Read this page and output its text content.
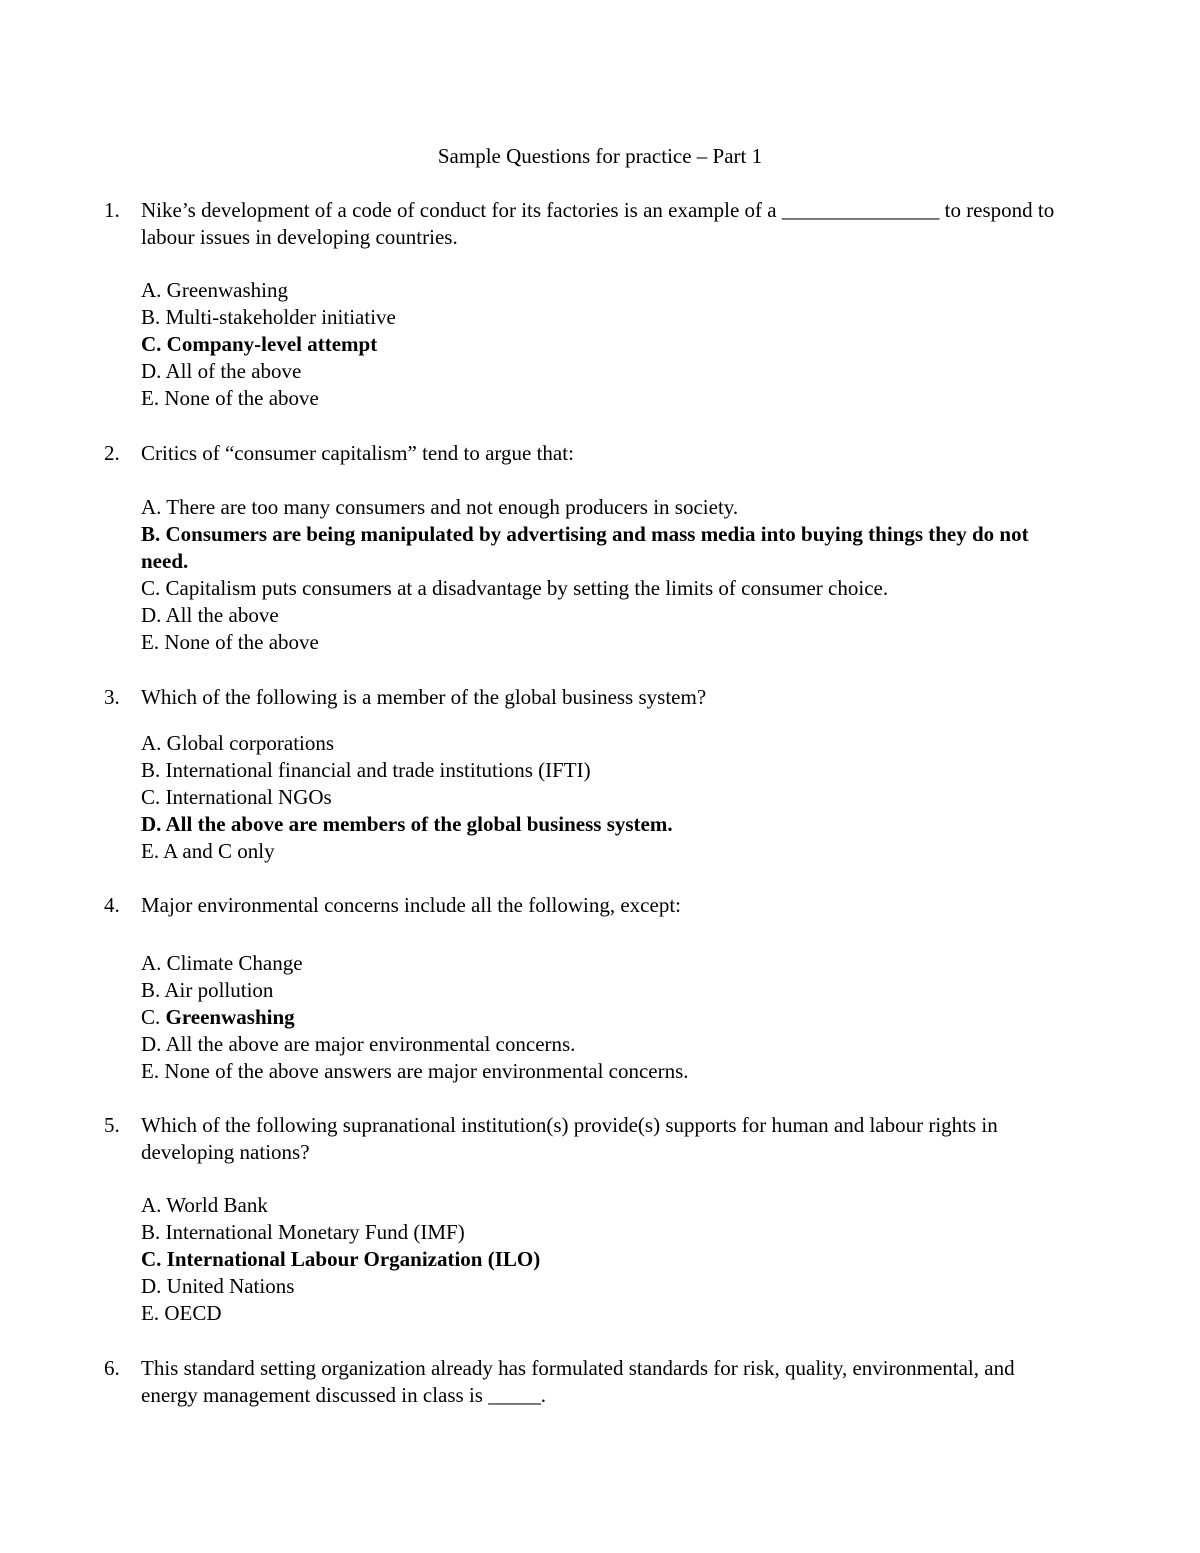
Sample Questions for practice – Part 1
1.	Nike’s development of a code of conduct for its factories is an example of a _______________ to respond to labour issues in developing countries.
A. Greenwashing
B. Multi-stakeholder initiative
C. Company-level attempt
D. All of the above
E. None of the above
2.	Critics of “consumer capitalism” tend to argue that:
A. There are too many consumers and not enough producers in society.
B. Consumers are being manipulated by advertising and mass media into buying things they do not need.
C. Capitalism puts consumers at a disadvantage by setting the limits of consumer choice.
D. All the above
E. None of the above
3.	Which of the following is a member of the global business system?
A. Global corporations
B. International financial and trade institutions (IFTI)
C. International NGOs
D. All the above are members of the global business system.
E. A and C only
4.	Major environmental concerns include all the following, except:
A. Climate Change
B. Air pollution
C. Greenwashing
D. All the above are major environmental concerns.
E. None of the above answers are major environmental concerns.
5.	Which of the following supranational institution(s) provide(s) supports for human and labour rights in developing nations?
A. World Bank
B. International Monetary Fund (IMF)
C. International Labour Organization (ILO)
D. United Nations
E. OECD
6.	This standard setting organization already has formulated standards for risk, quality, environmental, and energy management discussed in class is _____.
